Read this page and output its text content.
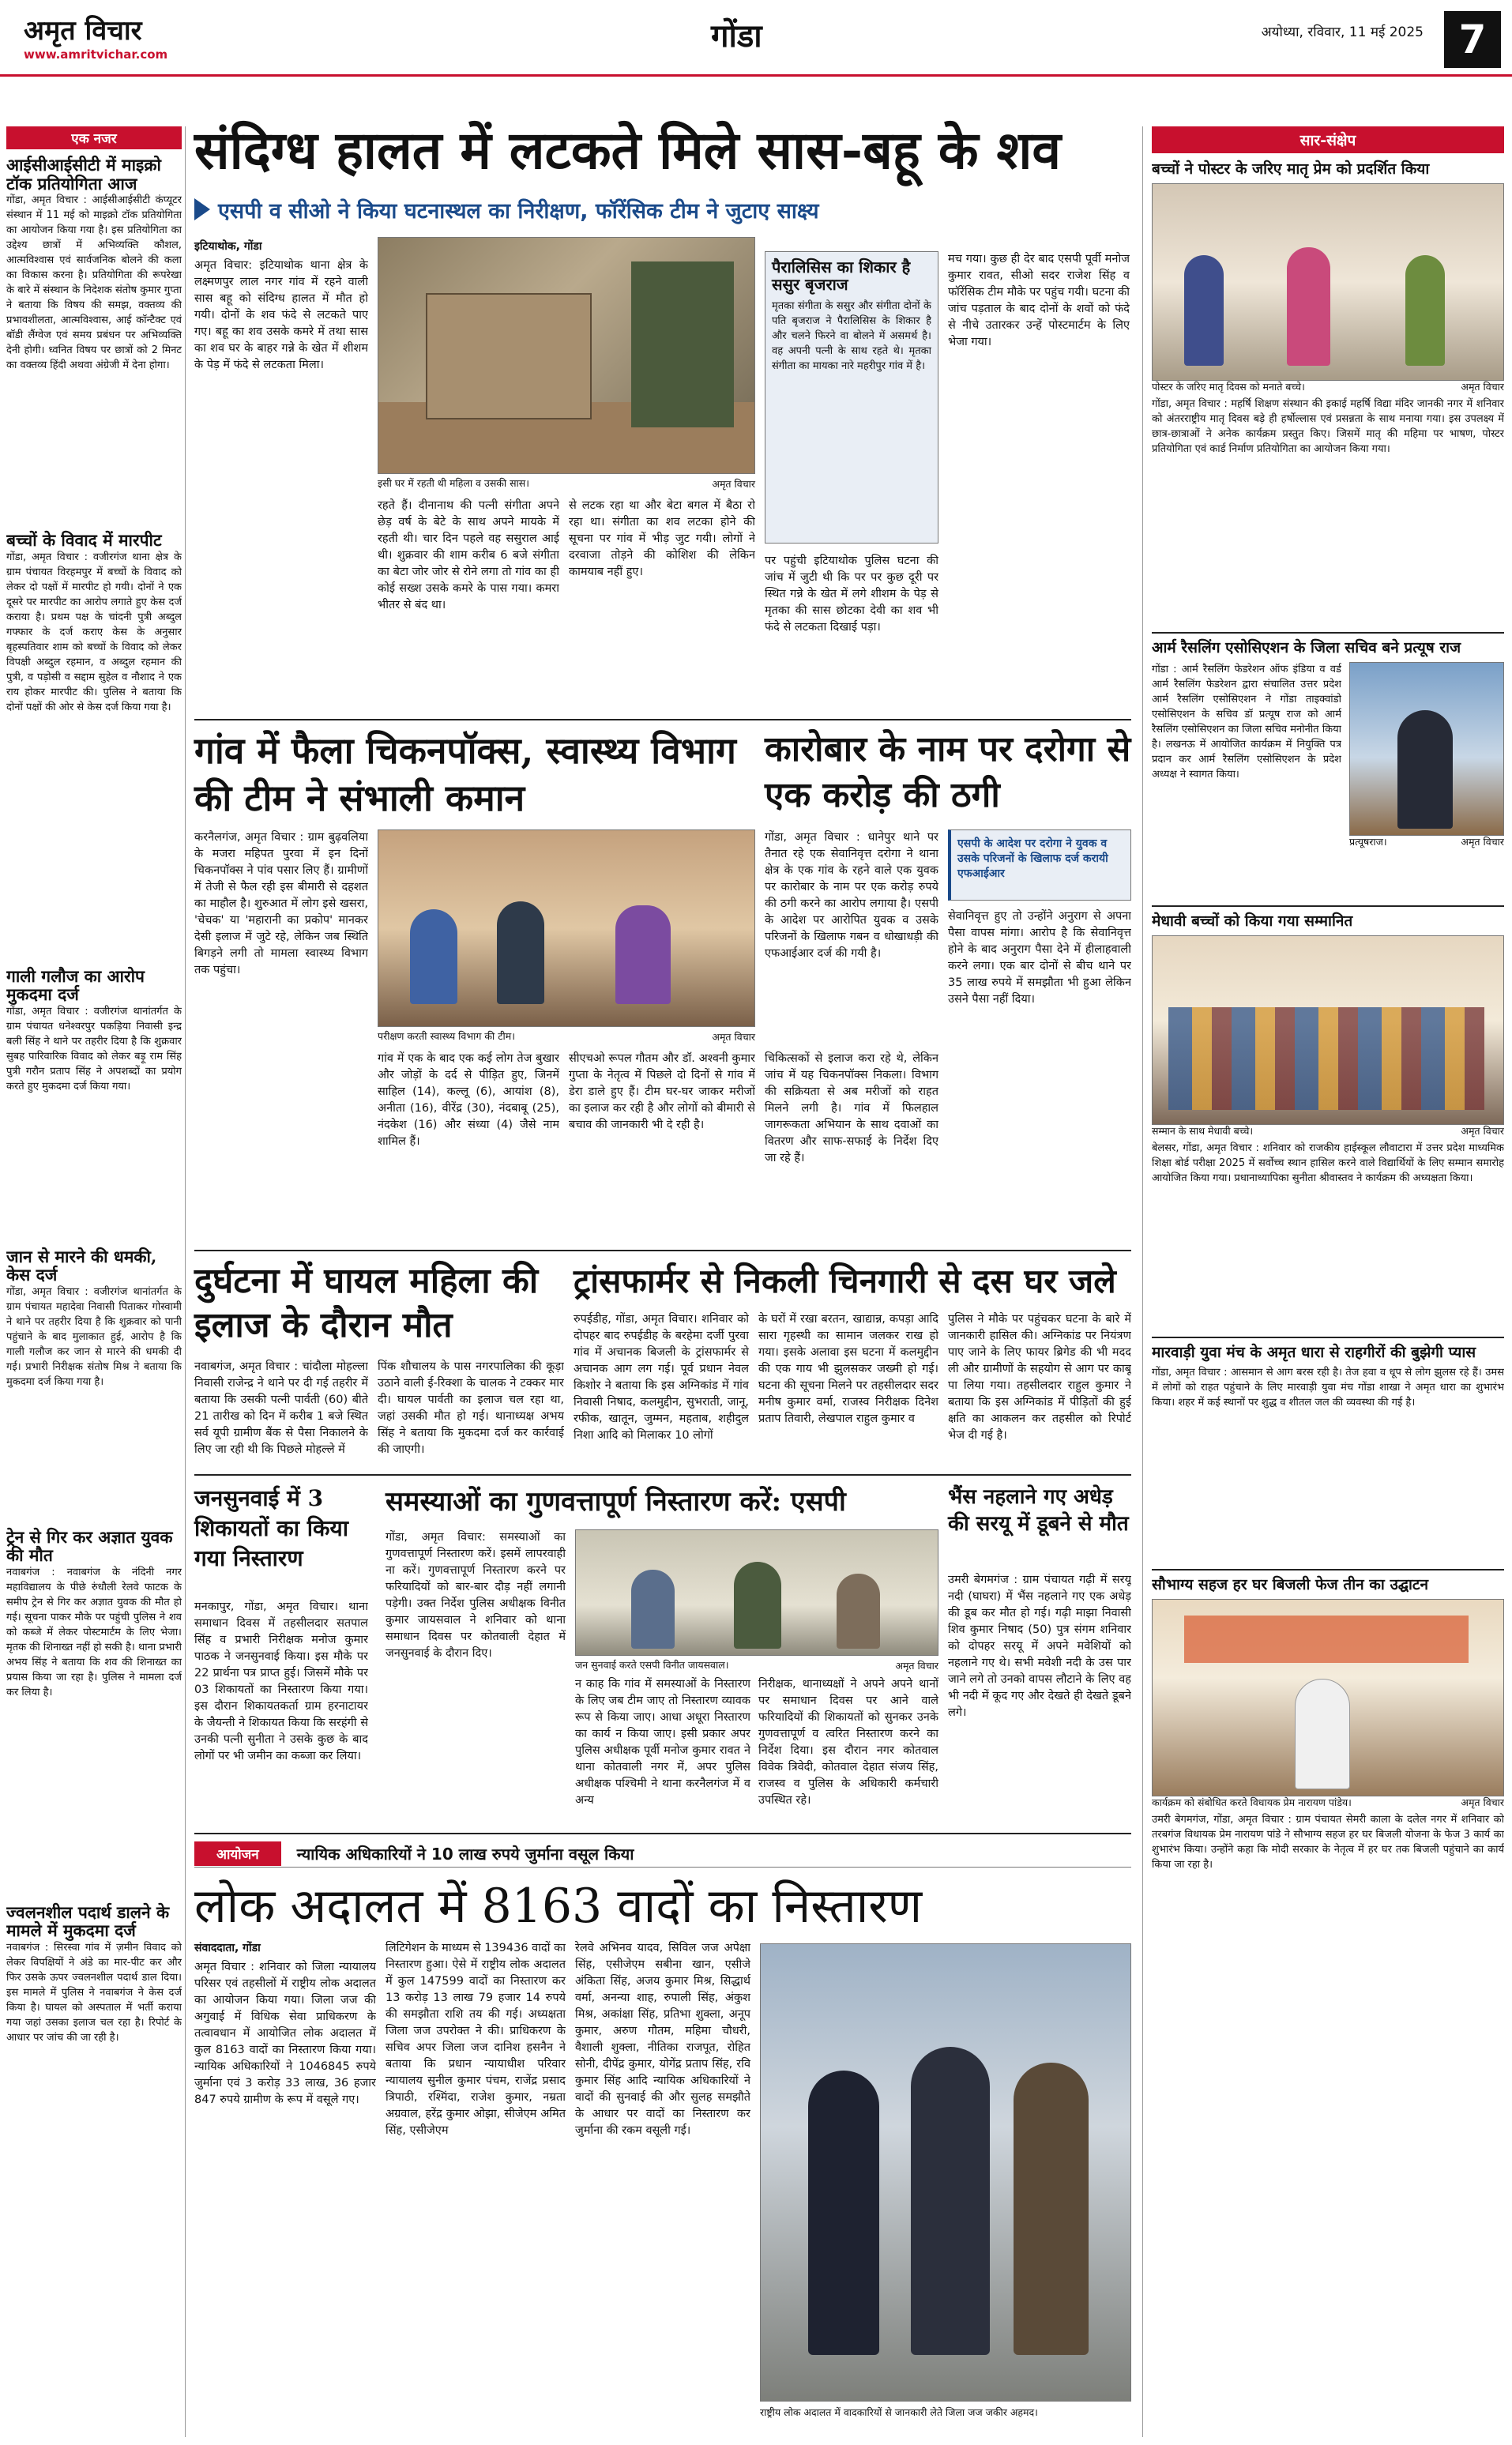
अमृत विचार
www.amritvichar.com	गोंडा	अयोध्या, रविवार, 11 मई 2025 7
एक नजर
आईसीआईसीटी में माइक्रो टॉक प्रतियोगिता आज
गोंडा, अमृत विचार : आईसीआईसीटी कंप्यूटर संस्थान में 11 मई को माइक्रो टॉक प्रतियोगिता का आयोजन किया गया है। इस प्रतियोगिता का उद्देश्य छात्रों में अभिव्यक्ति कौशल, आत्मविश्वास एवं सार्वजनिक बोलने की कला का विकास करना है। प्रतियोगिता की रूपरेखा के बारे में संस्थान के निदेशक संतोष कुमार गुप्ता ने बताया कि विषय की समझ, वक्तव्य की प्रभावशीलता, आत्मविश्वास, आई कॉन्टैक्ट एवं बॉडी लैंग्वेज एवं समय प्रबंधन पर अभिव्यक्ति देनी होगी। ध्वनित विषय पर छात्रों को 2 मिनट का वक्तव्य हिंदी अथवा अंग्रेजी में देना होगा।
बच्चों के विवाद में मारपीट
गोंडा, अमृत विचार : वजीरगंज थाना क्षेत्र के ग्राम पंचायत विरहमपुर में बच्चों के विवाद को लेकर दो पक्षों में मारपीट हो गयी। दोनों ने एक दूसरे पर मारपीट का आरोप लगाते हुए केस दर्ज कराया है। प्रथम पक्ष के चांदनी पुत्री अब्दुल गफ्फार के दर्ज कराए केस के अनुसार बृहस्पतिवार शाम को बच्चों के विवाद को लेकर विपक्षी अब्दुल रहमान, व अब्दुल रहमान की पुत्री, व पड़ोसी व सद्दाम सुहेल व नौशाद ने एक राय होकर मारपीट की। पुलिस ने बताया कि दोनों पक्षों की ओर से केस दर्ज किया गया है।
गाली गलौज का आरोप मुकदमा दर्ज
गोंडा, अमृत विचार : वजीरगंज थानांतर्गत के ग्राम पंचायत धनेश्वरपुर पकड़िया निवासी इन्द्र बली सिंह ने थाने पर तहरीर दिया है कि शुक्रवार सुबह पारिवारिक विवाद को लेकर बड़ू राम सिंह पुत्री गरौन प्रताप सिंह ने अपशब्दों का प्रयोग करते हुए मुकदमा दर्ज किया गया।
जान से मारने की धमकी, केस दर्ज
गोंडा, अमृत विचार : वजीरगंज थानांतर्गत के ग्राम पंचायत महादेवा निवासी पिताकर गोस्वामी ने थाने पर तहरीर दिया है कि शुक्रवार को पानी पहुंचाने के बाद मुलाकात हुई, आरोप है कि गाली गलौज कर जान से मारने की धमकी दी गई। प्रभारी निरीक्षक संतोष मिश्र ने बताया कि मुकदमा दर्ज किया गया है।
ट्रेन से गिर कर अज्ञात युवक की मौत
नवाबगंज : नवाबगंज के नंदिनी नगर महाविद्यालय के पीछे रुंधौली रेलवे फाटक के समीप ट्रेन से गिर कर अज्ञात युवक की मौत हो गई। सूचना पाकर मौके पर पहुंची पुलिस ने शव को कब्जे में लेकर पोस्टमार्टम के लिए भेजा। मृतक की शिनाख्त नहीं हो सकी है। थाना प्रभारी अभय सिंह ने बताया कि शव की शिनाख्त का प्रयास किया जा रहा है। पुलिस ने मामला दर्ज कर लिया है।
ज्वलनशील पदार्थ डालने के मामले में मुकदमा दर्ज
नवाबगंज : सिरस्वा गांव में ज़मीन विवाद को लेकर विपक्षियों ने अंडे का मार-पीट कर और फिर उसके ऊपर ज्वलनशील पदार्थ डाल दिया। इस मामले में पुलिस ने नवाबगंज ने केस दर्ज किया है। घायल को अस्पताल में भर्ती कराया गया जहां उसका इलाज चल रहा है। रिपोर्ट के आधार पर जांच की जा रही है।
संदिग्ध हालत में लटकते मिले सास-बहू के शव
एसपी व सीओ ने किया घटनास्थल का निरीक्षण, फॉरेंसिक टीम ने जुटाए साक्ष्य
इटियाथोक, गोंडा
अमृत विचार: इटियाथोक थाना क्षेत्र के लक्ष्मणपुर लाल नगर गांव में रहने वाली सास बहू को संदिग्ध हालत में मौत हो गयी। दोनों के शव फंदे से लटकते पाए गए। बहू का शव उसके कमरे में तथा सास का शव घर के बाहर गन्ने के खेत में शीशम के पेड़ में फंदे से लटकता मिला।
इसी घर में रहती थी महिला व उसकी सास।	अमृत विचार
रहते हैं। दीनानाथ की पत्नी संगीता अपने छेड़ वर्ष के बेटे के साथ अपने मायके में रहती थी। चार दिन पहले वह ससुराल आई थी। शुक्रवार की शाम करीब 6 बजे संगीता का बेटा जोर जोर से रोने लगा तो गांव का ही कोई सख्श उसके कमरे के पास गया। कमरा भीतर से बंद था।
से लटक रहा था और बेटा बगल में बैठा रो रहा था। संगीता का शव लटका होने की सूचना पर गांव में भीड़ जुट गयी। लोगों ने दरवाजा तोड़ने की कोशिश की लेकिन कामयाब नहीं हुए।
पैरालिसिस का शिकार है ससुर बृजराज
मृतका संगीता के ससुर और संगीता दोनों के पति बृजराज ने पैरालिसिस के शिकार है और चलने फिरने वा बोलने में असमर्थ है। वह अपनी पत्नी के साथ रहते थे। मृतका संगीता का मायका नारे महरीपुर गांव में है।
पर पहुंची इटियाथोक पुलिस घटना की जांच में जुटी थी कि पर पर कुछ दूरी पर स्थित गन्ने के खेत में लगे शीशम के पेड़ से मृतका की सास छोटका देवी का शव भी फंदे से लटकता दिखाई पड़ा।
मच गया। कुछ ही देर बाद एसपी पूर्वी मनोज कुमार रावत, सीओ सदर राजेश सिंह व फॉरेंसिक टीम मौके पर पहुंच गयी। घटना की जांच पड़ताल के बाद दोनों के शवों को फंदे से नीचे उतारकर उन्हें पोस्टमार्टम के लिए भेजा गया।
गांव में फैला चिकनपॉक्स, स्वास्थ्य विभाग की टीम ने संभाली कमान
करनैलगंज, अमृत विचार : ग्राम बुढ़वलिया के मजरा महिपत पुरवा में इन दिनों चिकनपॉक्स ने पांव पसार लिए हैं। ग्रामीणों में तेजी से फैल रही इस बीमारी से दहशत का माहौल है। शुरुआत में लोग इसे खसरा, 'चेचक' या 'महारानी का प्रकोप' मानकर देसी इलाज में जुटे रहे, लेकिन जब स्थिति बिगड़ने लगी तो मामला स्वास्थ्य विभाग तक पहुंचा।
परीक्षण करती स्वास्थ्य विभाग की टीम।	अमृत विचार
गांव में एक के बाद एक कई लोग तेज बुखार और जोड़ों के दर्द से पीड़ित हुए, जिनमें साहिल (14), कल्लू (6), आयांश (8), अनीता (16), वीरेंद्र (30), नंदबाबू (25), नंदकेश (16) और संध्या (4) जैसे नाम शामिल हैं।
सीएचओ रूपल गौतम और डॉ. अश्वनी कुमार गुप्ता के नेतृत्व में पिछले दो दिनों से गांव में डेरा डाले हुए हैं। टीम घर-घर जाकर मरीजों का इलाज कर रही है और लोगों को बीमारी से बचाव की जानकारी भी दे रही है।
चिकित्सकों से इलाज करा रहे थे, लेकिन जांच में यह चिकनपॉक्स निकला। विभाग की सक्रियता से अब मरीजों को राहत मिलने लगी है। गांव में फिलहाल जागरूकता अभियान के साथ दवाओं का वितरण और साफ-सफाई के निर्देश दिए जा रहे हैं।
कारोबार के नाम पर दरोगा से एक करोड़ की ठगी
एसपी के आदेश पर दरोगा ने युवक व उसके परिजनों के खिलाफ दर्ज करायी एफआईआर
गोंडा, अमृत विचार : धानेपुर थाने पर तैनात रहे एक सेवानिवृत्त दरोगा ने थाना क्षेत्र के एक गांव के रहने वाले एक युवक पर कारोबार के नाम पर एक करोड़ रुपये की ठगी करने का आरोप लगाया है। एसपी के आदेश पर आरोपित युवक व उसके परिजनों के खिलाफ गबन व धोखाधड़ी की एफआईआर दर्ज की गयी है।
सेवानिवृत्त हुए तो उन्होंने अनुराग से अपना पैसा वापस मांगा। आरोप है कि सेवानिवृत्त होने के बाद अनुराग पैसा देने में हीलाहवाली करने लगा। एक बार दोनों से बीच थाने पर 35 लाख रुपये में समझौता भी हुआ लेकिन उसने पैसा नहीं दिया।
दुर्घटना में घायल महिला की इलाज के दौरान मौत
नवाबगंज, अमृत विचार : चांदौला मोहल्ला निवासी राजेन्द्र ने थाने पर दी गई तहरीर में बताया कि उसकी पत्नी पार्वती (60) बीते 21 तारीख को दिन में करीब 1 बजे स्थित सर्व यूपी ग्रामीण बैंक से पैसा निकालने के लिए जा रही थी कि पिछले मोहल्ले में
पिंक शौचालय के पास नगरपालिका की कूड़ा उठाने वाली ई-रिक्शा के चालक ने टक्कर मार दी। घायल पार्वती का इलाज चल रहा था, जहां उसकी मौत हो गई। थानाध्यक्ष अभय सिंह ने बताया कि मुकदमा दर्ज कर कार्रवाई की जाएगी।
ट्रांसफार्मर से निकली चिनगारी से दस घर जले
रुपईडीह, गोंडा, अमृत विचार। शनिवार को दोपहर बाद रुपईडीह के बरहेमा दर्जी पुरवा गांव में अचानक बिजली के ट्रांसफार्मर से अचानक आग लग गई। पूर्व प्रधान नेवल किशोर ने बताया कि इस अग्निकांड में गांव निवासी निषाद, कलमुद्दीन, सुभराती, जानू, रफीक, खातून, जुम्मन, महताब, शहीदुल निशा आदि को मिलाकर 10 लोगों
के घरों में रखा बरतन, खाद्यान्न, कपड़ा आदि सारा गृहस्थी का सामान जलकर राख हो गया। इसके अलावा इस घटना में कलमुद्दीन की एक गाय भी झुलसकर जख्मी हो गई। घटना की सूचना मिलने पर तहसीलदार सदर मनीष कुमार वर्मा, राजस्व निरीक्षक दिनेश प्रताप तिवारी, लेखपाल राहुल कुमार व
पुलिस ने मौके पर पहुंचकर घटना के बारे में जानकारी हासिल की। अग्निकांड पर नियंत्रण पाए जाने के लिए फायर ब्रिगेड की भी मदद ली और ग्रामीणों के सहयोग से आग पर काबू पा लिया गया। तहसीलदार राहुल कुमार ने बताया कि इस अग्निकांड में पीड़ितों की हुई क्षति का आकलन कर तहसील को रिपोर्ट भेज दी गई है।
जनसुनवाई में 3 शिकायतों का किया गया निस्तारण
मनकापुर, गोंडा, अमृत विचार। थाना समाधान दिवस में तहसीलदार सतपाल सिंह व प्रभारी निरीक्षक मनोज कुमार पाठक ने जनसुनवाई किया। इस मौके पर 22 प्रार्थना पत्र प्राप्त हुई। जिसमें मौके पर 03 शिकायतों का निस्तारण किया गया। इस दौरान शिकायतकर्ता ग्राम हरनाटायर के जैयन्ती ने शिकायत किया कि सरहंगी से उनकी पत्नी सुनीता ने उसके कुछ के बाद लोगों पर भी जमीन का कब्जा कर लिया।
समस्याओं का गुणवत्तापूर्ण निस्तारण करें: एसपी
गोंडा, अमृत विचार: समस्याओं का गुणवत्तापूर्ण निस्तारण करें। इसमें लापरवाही ना करें। गुणवत्तापूर्ण निस्तारण करने पर फरियादियों को बार-बार दौड़ नहीं लगानी पड़ेगी। उक्त निर्देश पुलिस अधीक्षक विनीत कुमार जायसवाल ने शनिवार को थाना समाधान दिवस पर कोतवाली देहात में जनसुनवाई के दौरान दिए।
जन सुनवाई करते एसपी विनीत जायसवाल।	अमृत विचार
न काह कि गांव में समस्याओं के निस्तारण के लिए जब टीम जाए तो निस्तारण व्यावक रूप से किया जाए। आधा अधूरा निस्तारण का कार्य न किया जाए। इसी प्रकार अपर पुलिस अधीक्षक पूर्वी मनोज कुमार रावत ने थाना कोतवाली नगर में, अपर पुलिस अधीक्षक पश्चिमी ने थाना करनैलगंज में व अन्य
निरीक्षक, थानाध्यक्षों ने अपने अपने थानों पर समाधान दिवस पर आने वाले फरियादियों की शिकायतों को सुनकर उनके गुणवत्तापूर्ण व त्वरित निस्तारण करने का निर्देश दिया। इस दौरान नगर कोतवाल विवेक त्रिवेदी, कोतवाल देहात संजय सिंह, राजस्व व पुलिस के अधिकारी कर्मचारी उपस्थित रहे।
भैंस नहलाने गए अधेड़ की सरयू में डूबने से मौत
उमरी बेगमगंज : ग्राम पंचायत गढ़ी में सरयू नदी (घाघरा) में भैंस नहलाने गए एक अधेड़ की डूब कर मौत हो गई। गढ़ी माझा निवासी शिव कुमार निषाद (50) पुत्र संगम शनिवार को दोपहर सरयू में अपने मवेशियों को नहलाने गए थे। सभी मवेशी नदी के उस पार जाने लगे तो उनको वापस लौटाने के लिए वह भी नदी में कूद गए और देखते ही देखते डूबने लगे।
आयोजन	न्यायिक अधिकारियों ने 10 लाख रुपये जुर्माना वसूल किया
लोक अदालत में 8163 वादों का निस्तारण
संवाददाता, गोंडा
अमृत विचार : शनिवार को जिला न्यायालय परिसर एवं तहसीलों में राष्ट्रीय लोक अदालत का आयोजन किया गया। जिला जज की अगुवाई में विधिक सेवा प्राधिकरण के तत्वावधान में आयोजित लोक अदालत में कुल 8163 वादों का निस्तारण किया गया। न्यायिक अधिकारियों ने 1046845 रुपये जुर्माना एवं 3 करोड़ 33 लाख, 36 हजार 847 रुपये ग्रामीण के रूप में वसूले गए।
लिटिगेशन के माध्यम से 139436 वादों का निस्तारण हुआ। ऐसे में राष्ट्रीय लोक अदालत में कुल 147599 वादों का निस्तारण कर 13 करोड़ 13 लाख 79 हजार 14 रुपये की समझौता राशि तय की गई। अध्यक्षता जिला जज उपरोक्त ने की। प्राधिकरण के सचिव अपर जिला जज दानिश हसनैन ने बताया कि प्रधान न्यायाधीश परिवार न्यायालय सुनील कुमार पंचम, राजेंद्र प्रसाद त्रिपाठी, रश्मिंदा, राजेश कुमार, नम्रता अग्रवाल, हरेंद्र कुमार ओझा, सीजेएम अमित सिंह, एसीजेएम
रेलवे अभिनव यादव, सिविल जज अपेक्षा सिंह, एसीजेएम सबीना खान, एसीजे अंकिता सिंह, अजय कुमार मिश्र, सिद्धार्थ वर्मा, अनन्या शाह, रुपाली सिंह, अंकुश मिश्र, अकांक्षा सिंह, प्रतिभा शुक्ला, अनूप कुमार, अरुण गौतम, महिमा चौधरी, वैशाली शुक्ला, नीतिका राजपूत, रोहित सोनी, दीपेंद्र कुमार, योगेंद्र प्रताप सिंह, रवि कुमार सिंह आदि न्यायिक अधिकारियों ने वादों की सुनवाई की और सुलह समझौते के आधार पर वादों का निस्तारण कर जुर्माना की रकम वसूली गई।
राष्ट्रीय लोक अदालत में वादकारियों से जानकारी लेते जिला जज जकीर अहमद।
सार-संक्षेप
बच्चों ने पोस्टर के जरिए मातृ प्रेम को प्रदर्शित किया
पोस्टर के जरिए मातृ दिवस को मनाते बच्चे।	अमृत विचार
गोंडा, अमृत विचार : महर्षि शिक्षण संस्थान की इकाई महर्षि विद्या मंदिर जानकी नगर में शनिवार को अंतरराष्ट्रीय मातृ दिवस बड़े ही हर्षोल्लास एवं प्रसन्नता के साथ मनाया गया। इस उपलक्ष्य में छात्र-छात्राओं ने अनेक कार्यक्रम प्रस्तुत किए। जिसमें मातृ की महिमा पर भाषण, पोस्टर प्रतियोगिता एवं कार्ड निर्माण प्रतियोगिता का आयोजन किया गया।
आर्म रैसलिंग एसोसिएशन के जिला सचिव बने प्रत्यूष राज
गोंडा : आर्म रैसलिंग फेडरेशन ऑफ इंडिया व वर्ड आर्म रैसलिंग फेडरेशन द्वारा संचालित उत्तर प्रदेश आर्म रैसलिंग एसोसिएशन ने गोंडा ताइक्वांडो एसोसिएशन के सचिव डॉ प्रत्यूष राज को आर्म रैसलिंग एसोसिएशन का जिला सचिव मनोनीत किया है। लखनऊ में आयोजित कार्यक्रम में नियुक्ति पत्र प्रदान कर आर्म रैसलिंग एसोसिएशन के प्रदेश अध्यक्ष ने स्वागत किया।
प्रत्यूषराज।	अमृत विचार
मेधावी बच्चों को किया गया सम्मानित
सम्मान के साथ मेधावी बच्चे।	अमृत विचार
बेलसर, गोंडा, अमृत विचार : शनिवार को राजकीय हाईस्कूल लौवाटारा में उत्तर प्रदेश माध्यमिक शिक्षा बोर्ड परीक्षा 2025 में सर्वोच्च स्थान हासिल करने वाले विद्यार्थियों के लिए सम्मान समारोह आयोजित किया गया। प्रधानाध्यापिका सुनीता श्रीवास्तव ने कार्यक्रम की अध्यक्षता किया।
मारवाड़ी युवा मंच के अमृत धारा से राहगीरों की बुझेगी प्यास
गोंडा, अमृत विचार : आसमान से आग बरस रही है। तेज हवा व धूप से लोग झुलस रहे हैं। उमस में लोगों को राहत पहुंचाने के लिए मारवाड़ी युवा मंच गोंडा शाखा ने अमृत धारा का शुभारंभ किया। शहर में कई स्थानों पर शुद्ध व शीतल जल की व्यवस्था की गई है।
सौभाग्य सहज हर घर बिजली फेज तीन का उद्घाटन
कार्यक्रम को संबोधित करते विधायक प्रेम नारायण पांडेय।	अमृत विचार
उमरी बेगमगंज, गोंडा, अमृत विचार : ग्राम पंचायत सेमरी काला के दलेल नगर में शनिवार को तरबगंज विधायक प्रेम नारायण पांडे ने सौभाग्य सहज हर घर बिजली योजना के फेज 3 कार्य का शुभारंभ किया। उन्होंने कहा कि मोदी सरकार के नेतृत्व में हर घर तक बिजली पहुंचाने का कार्य किया जा रहा है।
